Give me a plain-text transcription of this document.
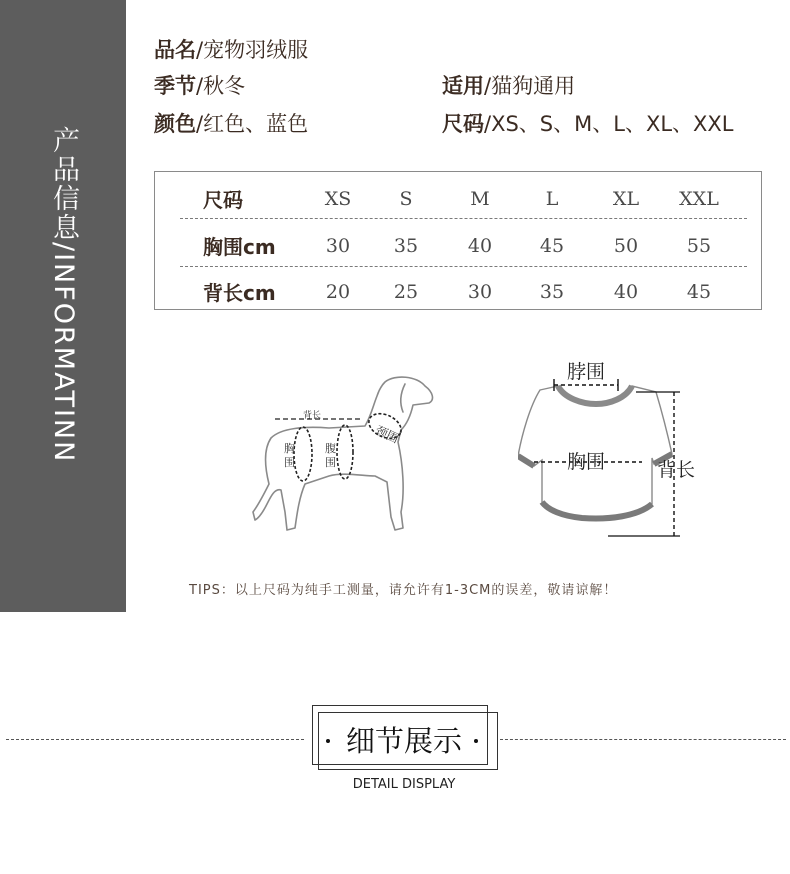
产品信息/INFORMATINN
品名/宠物羽绒服
季节/秋冬	适用/猫狗通用
颜色/红色、蓝色	尺码/XS、S、M、L、XL、XXL
尺码	XS	S	M	L	XL	XXL
胸围cm	30	35	40	45	50	55
背长cm	20	25	30	35	40	45
背长
颈围
胸
围
腹
围
脖围
胸围	背长
TIPS：以上尺码为纯手工测量，请允许有1-3CM的误差，敬请谅解！
细节展示
DETAIL DISPLAY
